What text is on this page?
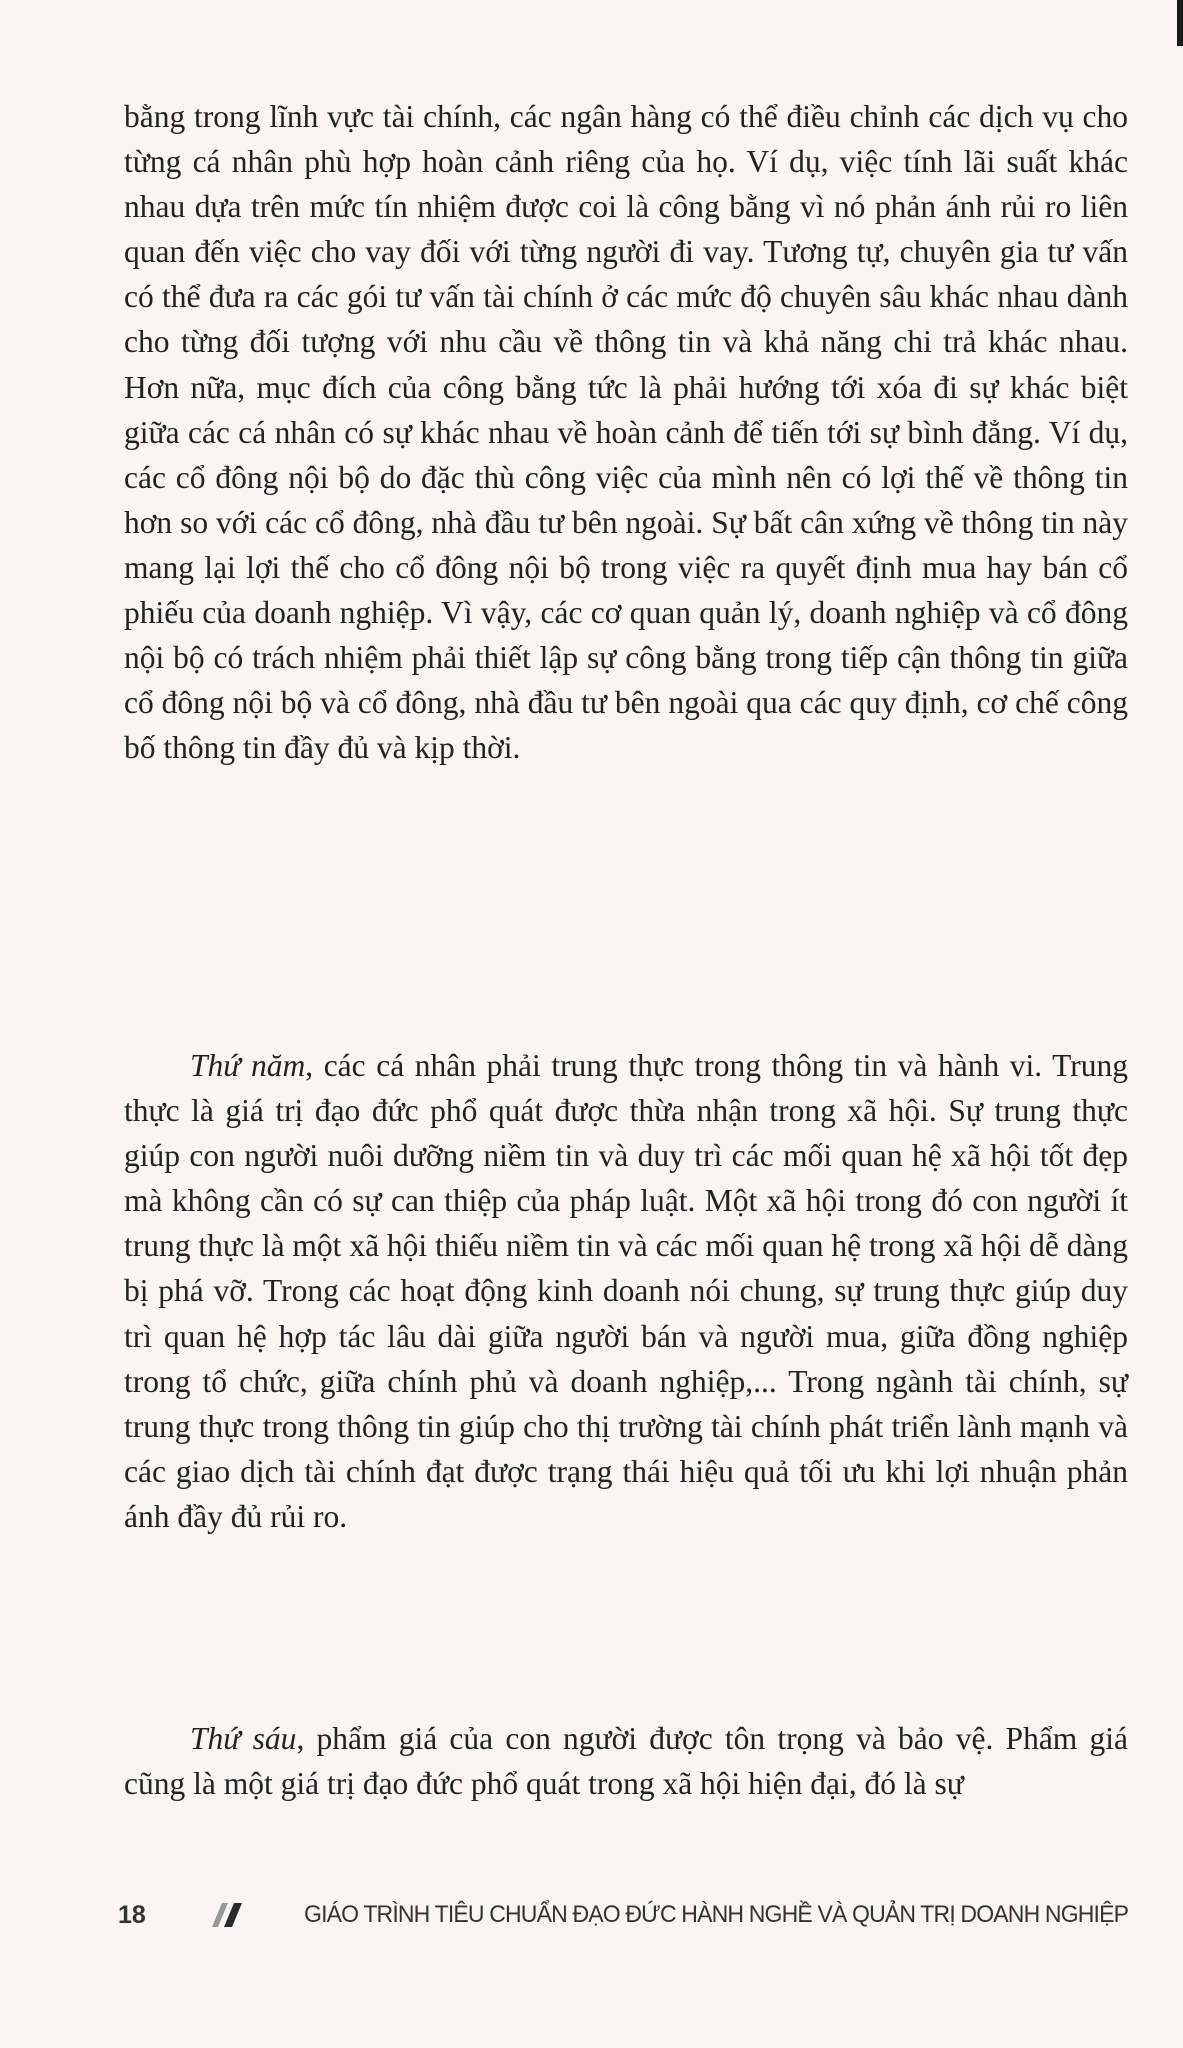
bằng trong lĩnh vực tài chính, các ngân hàng có thể điều chỉnh các dịch vụ cho từng cá nhân phù hợp hoàn cảnh riêng của họ. Ví dụ, việc tính lãi suất khác nhau dựa trên mức tín nhiệm được coi là công bằng vì nó phản ánh rủi ro liên quan đến việc cho vay đối với từng người đi vay. Tương tự, chuyên gia tư vấn có thể đưa ra các gói tư vấn tài chính ở các mức độ chuyên sâu khác nhau dành cho từng đối tượng với nhu cầu về thông tin và khả năng chi trả khác nhau. Hơn nữa, mục đích của công bằng tức là phải hướng tới xóa đi sự khác biệt giữa các cá nhân có sự khác nhau về hoàn cảnh để tiến tới sự bình đẳng. Ví dụ, các cổ đông nội bộ do đặc thù công việc của mình nên có lợi thế về thông tin hơn so với các cổ đông, nhà đầu tư bên ngoài. Sự bất cân xứng về thông tin này mang lại lợi thế cho cổ đông nội bộ trong việc ra quyết định mua hay bán cổ phiếu của doanh nghiệp. Vì vậy, các cơ quan quản lý, doanh nghiệp và cổ đông nội bộ có trách nhiệm phải thiết lập sự công bằng trong tiếp cận thông tin giữa cổ đông nội bộ và cổ đông, nhà đầu tư bên ngoài qua các quy định, cơ chế công bố thông tin đầy đủ và kịp thời.

Thứ năm, các cá nhân phải trung thực trong thông tin và hành vi. Trung thực là giá trị đạo đức phổ quát được thừa nhận trong xã hội. Sự trung thực giúp con người nuôi dưỡng niềm tin và duy trì các mối quan hệ xã hội tốt đẹp mà không cần có sự can thiệp của pháp luật. Một xã hội trong đó con người ít trung thực là một xã hội thiếu niềm tin và các mối quan hệ trong xã hội dễ dàng bị phá vỡ. Trong các hoạt động kinh doanh nói chung, sự trung thực giúp duy trì quan hệ hợp tác lâu dài giữa người bán và người mua, giữa đồng nghiệp trong tổ chức, giữa chính phủ và doanh nghiệp,... Trong ngành tài chính, sự trung thực trong thông tin giúp cho thị trường tài chính phát triển lành mạnh và các giao dịch tài chính đạt được trạng thái hiệu quả tối ưu khi lợi nhuận phản ánh đầy đủ rủi ro.

Thứ sáu, phẩm giá của con người được tôn trọng và bảo vệ. Phẩm giá cũng là một giá trị đạo đức phổ quát trong xã hội hiện đại, đó là sự

18	GIÁO TRÌNH TIÊU CHUẨN ĐẠO ĐỨC HÀNH NGHỀ VÀ QUẢN TRỊ DOANH NGHIỆP
